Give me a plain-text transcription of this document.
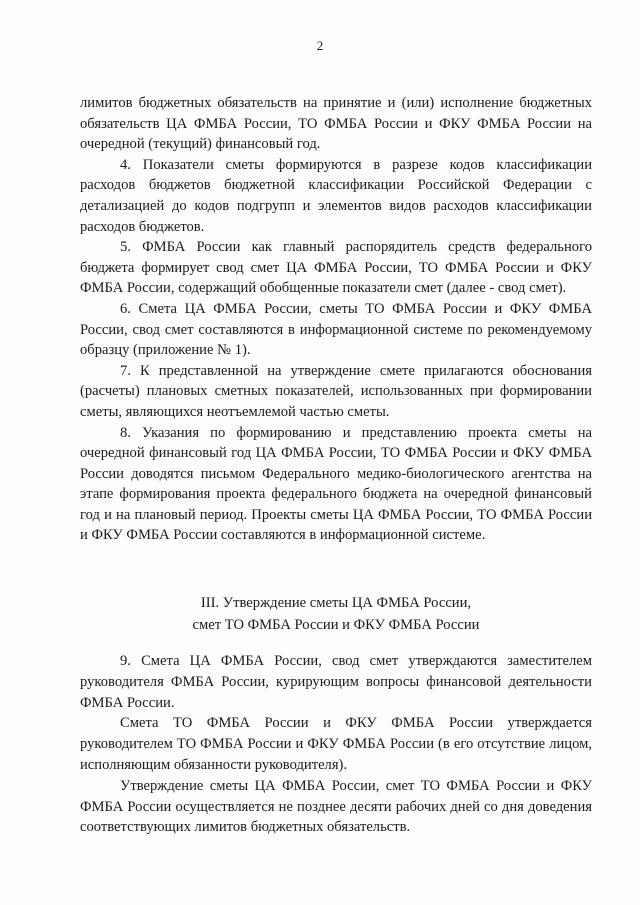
2

лимитов бюджетных обязательств на принятие и (или) исполнение бюджетных обязательств ЦА ФМБА России, ТО ФМБА России и ФКУ ФМБА России на очередной (текущий) финансовый год.

4. Показатели сметы формируются в разрезе кодов классификации расходов бюджетов бюджетной классификации Российской Федерации с детализацией до кодов подгрупп и элементов видов расходов классификации расходов бюджетов.

5. ФМБА России как главный распорядитель средств федерального бюджета формирует свод смет ЦА ФМБА России, ТО ФМБА России и ФКУ ФМБА России, содержащий обобщенные показатели смет (далее - свод смет).

6. Смета ЦА ФМБА России, сметы ТО ФМБА России и ФКУ ФМБА России, свод смет составляются в информационной системе по рекомендуемому образцу (приложение № 1).

7. К представленной на утверждение смете прилагаются обоснования (расчеты) плановых сметных показателей, использованных при формировании сметы, являющихся неотъемлемой частью сметы.

8. Указания по формированию и представлению проекта сметы на очередной финансовый год ЦА ФМБА России, ТО ФМБА России и ФКУ ФМБА России доводятся письмом Федерального медико-биологического агентства на этапе формирования проекта федерального бюджета на очередной финансовый год и на плановый период. Проекты сметы ЦА ФМБА России, ТО ФМБА России и ФКУ ФМБА России составляются в информационной системе.

III. Утверждение сметы ЦА ФМБА России,
смет ТО ФМБА России и ФКУ ФМБА России

9. Смета ЦА ФМБА России, свод смет утверждаются заместителем руководителя ФМБА России, курирующим вопросы финансовой деятельности ФМБА России.

Смета ТО ФМБА России и ФКУ ФМБА России утверждается руководителем ТО ФМБА России и ФКУ ФМБА России (в его отсутствие лицом, исполняющим обязанности руководителя).

Утверждение сметы ЦА ФМБА России, смет ТО ФМБА России и ФКУ ФМБА России осуществляется не позднее десяти рабочих дней со дня доведения соответствующих лимитов бюджетных обязательств.
